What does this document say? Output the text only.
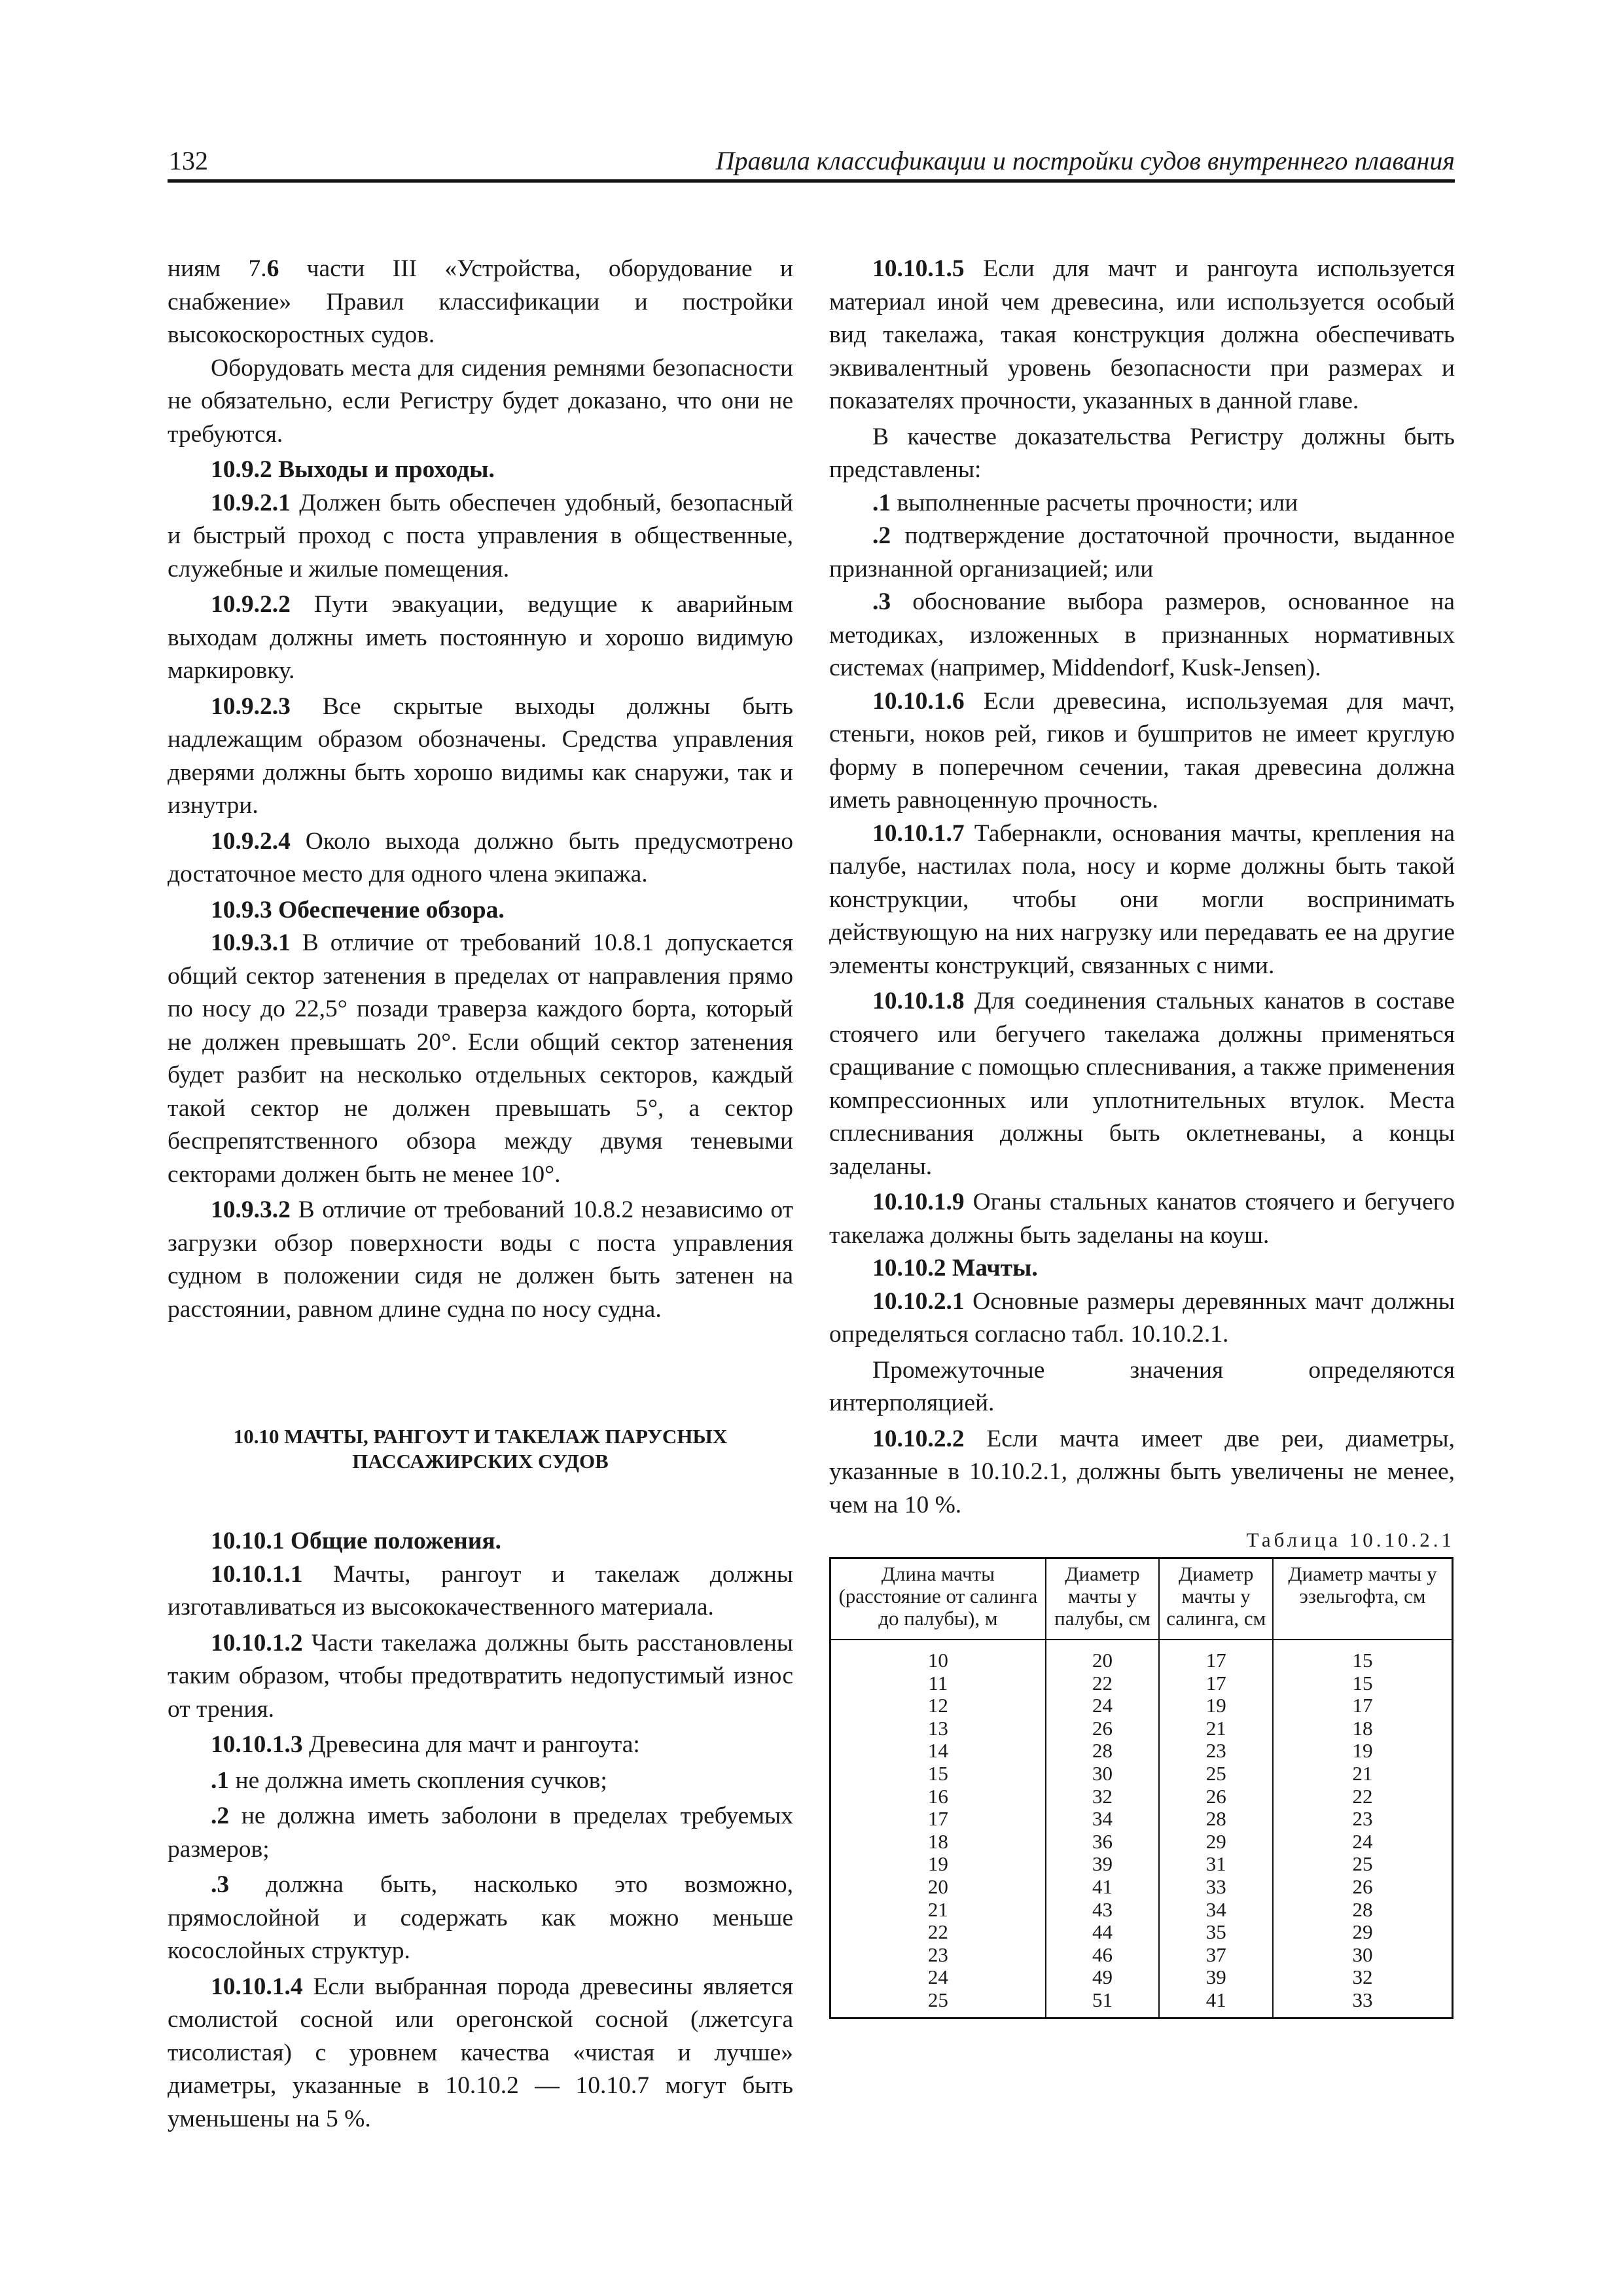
132	Правила классификации и постройки судов внутреннего плавания

ниям 7.6 части III «Устройства, оборудование и снабжение» Правил классификации и постройки высокоскоростных судов.

Оборудовать места для сидения ремнями безопасности не обязательно, если Регистру будет доказано, что они не требуются.

10.9.2 Выходы и проходы.

10.9.2.1 Должен быть обеспечен удобный, безопасный и быстрый проход с поста управления в общественные, служебные и жилые помещения.

10.9.2.2 Пути эвакуации, ведущие к аварийным выходам должны иметь постоянную и хорошо видимую маркировку.

10.9.2.3 Все скрытые выходы должны быть надлежащим образом обозначены. Средства управления дверями должны быть хорошо видимы как снаружи, так и изнутри.

10.9.2.4 Около выхода должно быть предусмотрено достаточное место для одного члена экипажа.

10.9.3 Обеспечение обзора.

10.9.3.1 В отличие от требований 10.8.1 допускается общий сектор затенения в пределах от направления прямо по носу до 22,5° позади траверза каждого борта, который не должен превышать 20°. Если общий сектор затенения будет разбит на несколько отдельных секторов, каждый такой сектор не должен превышать 5°, а сектор беспрепятственного обзора между двумя теневыми секторами должен быть не менее 10°.

10.9.3.2 В отличие от требований 10.8.2 независимо от загрузки обзор поверхности воды с поста управления судном в положении сидя не должен быть затенен на расстоянии, равном длине судна по носу судна.

10.10 МАЧТЫ, РАНГОУТ И ТАКЕЛАЖ ПАРУСНЫХ
ПАССАЖИРСКИХ СУДОВ

10.10.1 Общие положения.

10.10.1.1 Мачты, рангоут и такелаж должны изготавливаться из высококачественного материала.

10.10.1.2 Части такелажа должны быть расстановлены таким образом, чтобы предотвратить недопустимый износ от трения.

10.10.1.3 Древесина для мачт и рангоута:

.1 не должна иметь скопления сучков;

.2 не должна иметь заболони в пределах требуемых размеров;

.3 должна быть, насколько это возможно, прямослойной и содержать как можно меньше косослойных структур.

10.10.1.4 Если выбранная порода древесины является смолистой сосной или орегонской сосной (лжетсуга тисолистая) с уровнем качества «чистая и лучше» диаметры, указанные в 10.10.2 — 10.10.7 могут быть уменьшены на 5 %.

10.10.1.5 Если для мачт и рангоута используется материал иной чем древесина, или используется особый вид такелажа, такая конструкция должна обеспечивать эквивалентный уровень безопасности при размерах и показателях прочности, указанных в данной главе.

В качестве доказательства Регистру должны быть представлены:

.1 выполненные расчеты прочности; или

.2 подтверждение достаточной прочности, выданное признанной организацией; или

.3 обоснование выбора размеров, основанное на методиках, изложенных в признанных нормативных системах (например, Middendorf, Kusk-Jensen).

10.10.1.6 Если древесина, используемая для мачт, стеньги, ноков рей, гиков и бушпритов не имеет круглую форму в поперечном сечении, такая древесина должна иметь равноценную прочность.

10.10.1.7 Табернакли, основания мачты, крепления на палубе, настилах пола, носу и корме должны быть такой конструкции, чтобы они могли воспринимать действующую на них нагрузку или передавать ее на другие элементы конструкций, связанных с ними.

10.10.1.8 Для соединения стальных канатов в составе стоячего или бегучего такелажа должны применяться сращивание с помощью сплеснивания, а также применения компрессионных или уплотнительных втулок. Места сплеснивания должны быть оклетневаны, а концы заделаны.

10.10.1.9 Оганы стальных канатов стоячего и бегучего такелажа должны быть заделаны на коуш.

10.10.2 Мачты.

10.10.2.1 Основные размеры деревянных мачт должны определяться согласно табл. 10.10.2.1.

Промежуточные значения определяются интерполяцией.

10.10.2.2 Если мачта имеет две реи, диаметры, указанные в 10.10.2.1, должны быть увеличены не менее, чем на 10 %.

Таблица 10.10.2.1
Длина мачты (расстояние от салинга до палубы), м	Диаметр мачты у палубы, см	Диаметр мачты у салинга, см	Диаметр мачты у эзельгофта, см
10	20	17	15
11	22	17	15
12	24	19	17
13	26	21	18
14	28	23	19
15	30	25	21
16	32	26	22
17	34	28	23
18	36	29	24
19	39	31	25
20	41	33	26
21	43	34	28
22	44	35	29
23	46	37	30
24	49	39	32
25	51	41	33
